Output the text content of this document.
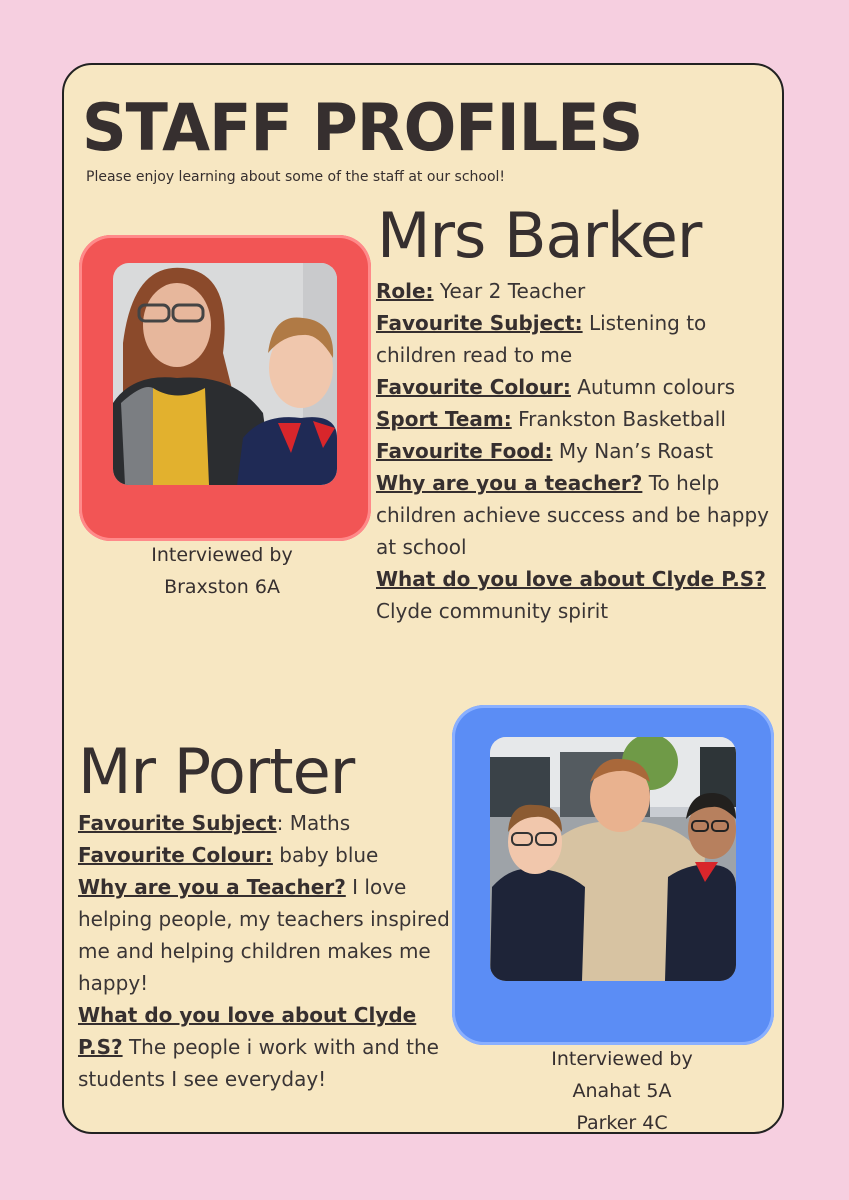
STAFF PROFILES
Please enjoy learning about some of the staff at our school!
Mrs Barker
Interviewed by
Braxston 6A

Role: Year 2 Teacher

Favourite Subject: Listening to children read to me

Favourite Colour: Autumn colours

Sport Team: Frankston Basketball

Favourite Food: My Nan’s Roast

Why are you a teacher? To help children achieve success and be happy at school

What do you love about Clyde P.S?

Clyde community spirit

Mr Porter

Favourite Subject: Maths

Favourite Colour: baby blue

Why are you a Teacher? I love helping people, my teachers inspired me and helping children makes me happy!

What do you love about Clyde P.S? The people i work with and the students I see everyday!

Interviewed by
Anahat 5A
Parker 4C
